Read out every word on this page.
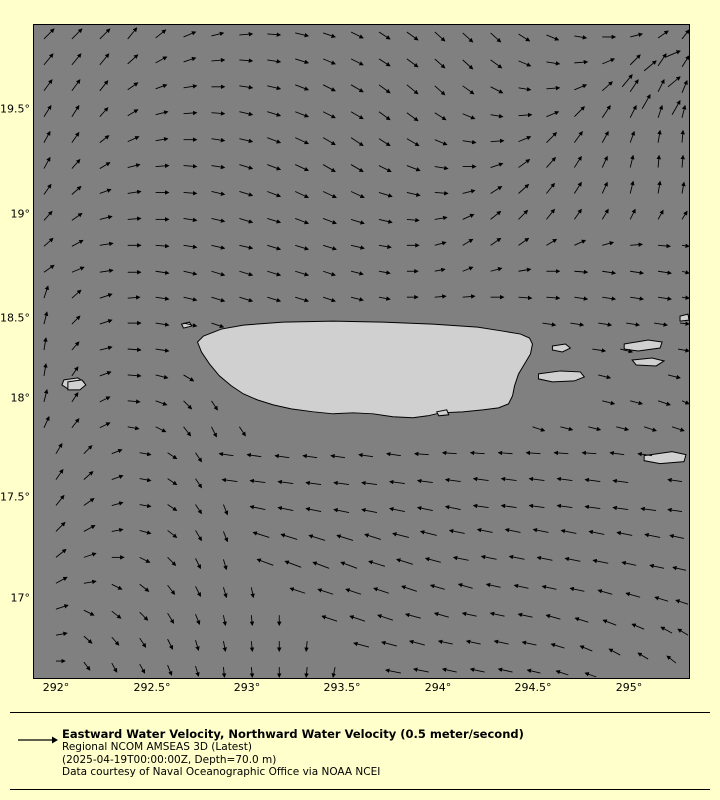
19.5°
19°
18.5°
18°
17.5°
17°
292°	292.5°	293°	293.5°	294°	294.5°	295°
Eastward Water Velocity, Northward Water Velocity (0.5 meter/second)
Regional NCOM AMSEAS 3D (Latest)
(2025-04-19T00:00:00Z, Depth=70.0 m)
Data courtesy of Naval Oceanographic Office via NOAA NCEI
